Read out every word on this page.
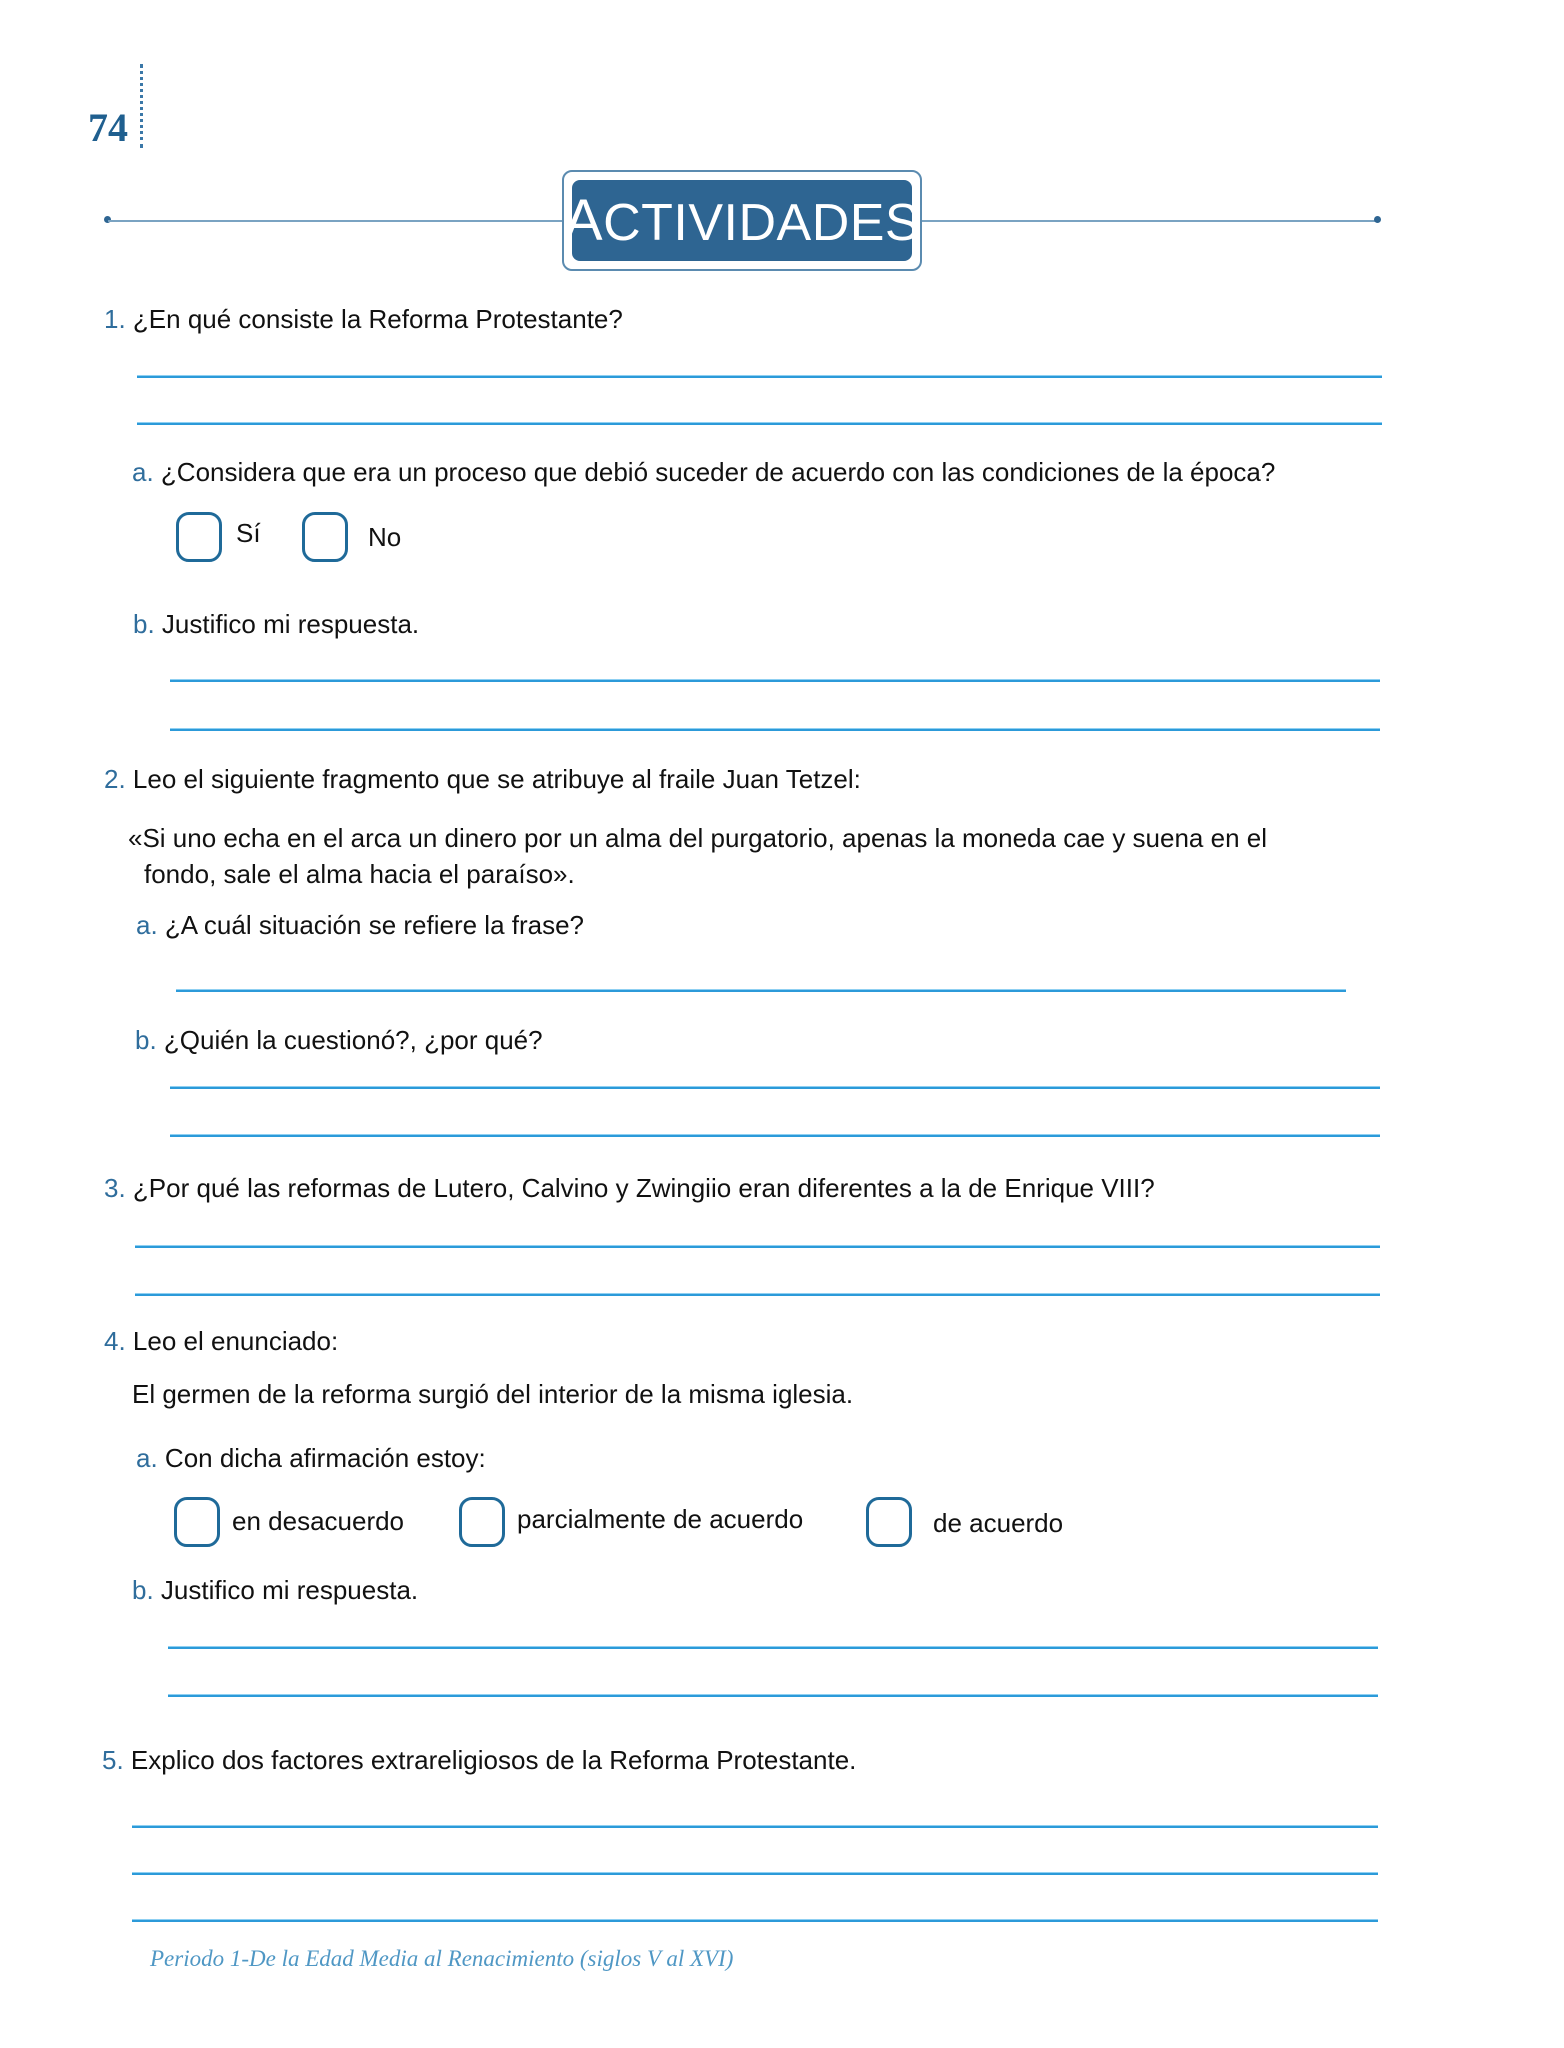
74
ACTIVIDADES
1. ¿En qué consiste la Reforma Protestante?
a. ¿Considera que era un proceso que debió suceder de acuerdo con las condiciones de la época?
Sí	No
b. Justifico mi respuesta.
2. Leo el siguiente fragmento que se atribuye al fraile Juan Tetzel:
«Si uno echa en el arca un dinero por un alma del purgatorio, apenas la moneda cae y suena en el
fondo, sale el alma hacia el paraíso».
a. ¿A cuál situación se refiere la frase?
b. ¿Quién la cuestionó?, ¿por qué?
3. ¿Por qué las reformas de Lutero, Calvino y Zwingiio eran diferentes a la de Enrique VIII?
4. Leo el enunciado:
El germen de la reforma surgió del interior de la misma iglesia.
a. Con dicha afirmación estoy:
en desacuerdo	parcialmente de acuerdo	de acuerdo
b. Justifico mi respuesta.
5. Explico dos factores extrareligiosos de la Reforma Protestante.
Periodo 1-De la Edad Media al Renacimiento (siglos V al XVI)
